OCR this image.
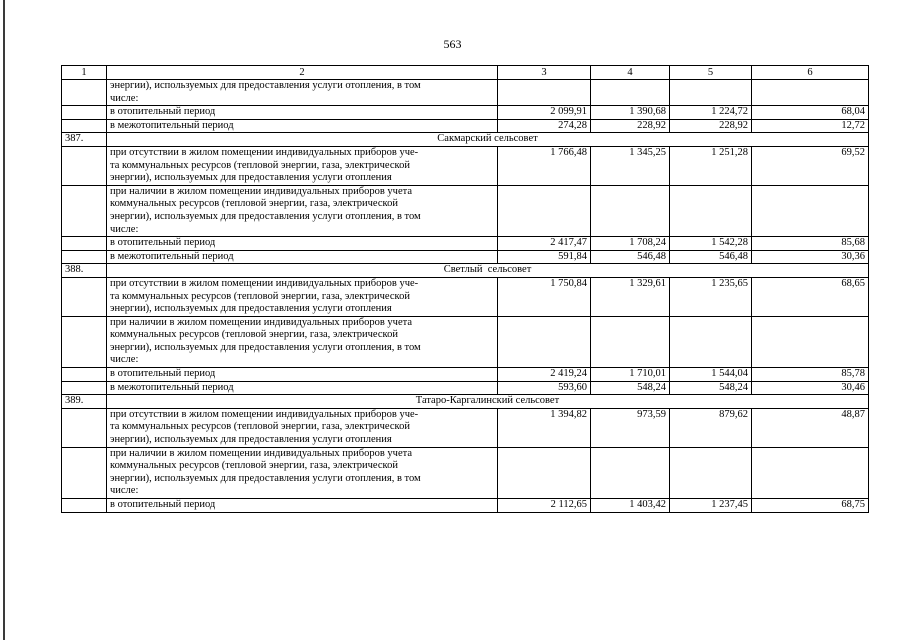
563
1	2	3	4	5	6

	энергии), используемых для предоставления услуги отопления, в том
числе:				

	в отопительный период	2 099,91	1 390,68	1 224,72	68,04

	в межотопительный период	274,28	228,92	228,92	12,72
387.	Сакмарский сельсовет				

	при отсутствии в жилом помещении индивидуальных приборов уче-
та коммунальных ресурсов (тепловой энергии, газа, электрической
энергии), используемых для предоставления услуги отопления	1 766,48	1 345,25	1 251,28	69,52

	при наличии в жилом помещении индивидуальных приборов учета
коммунальных ресурсов (тепловой энергии, газа, электрической
энергии), используемых для предоставления услуги отопления, в том
числе:				

	в отопительный период	2 417,47	1 708,24	1 542,28	85,68

	в межотопительный период	591,84	546,48	546,48	30,36
388.	Светлый  сельсовет				

	при отсутствии в жилом помещении индивидуальных приборов уче-
та коммунальных ресурсов (тепловой энергии, газа, электрической
энергии), используемых для предоставления услуги отопления	1 750,84	1 329,61	1 235,65	68,65

	при наличии в жилом помещении индивидуальных приборов учета
коммунальных ресурсов (тепловой энергии, газа, электрической
энергии), используемых для предоставления услуги отопления, в том
числе:				

	в отопительный период	2 419,24	1 710,01	1 544,04	85,78

	в межотопительный период	593,60	548,24	548,24	30,46
389.	Татаро-Каргалинский сельсовет				

	при отсутствии в жилом помещении индивидуальных приборов уче-
та коммунальных ресурсов (тепловой энергии, газа, электрической
энергии), используемых для предоставления услуги отопления	1 394,82	973,59	879,62	48,87

	при наличии в жилом помещении индивидуальных приборов учета
коммунальных ресурсов (тепловой энергии, газа, электрической
энергии), используемых для предоставления услуги отопления, в том
числе:				

	в отопительный период	2 112,65	1 403,42	1 237,45	68,75
